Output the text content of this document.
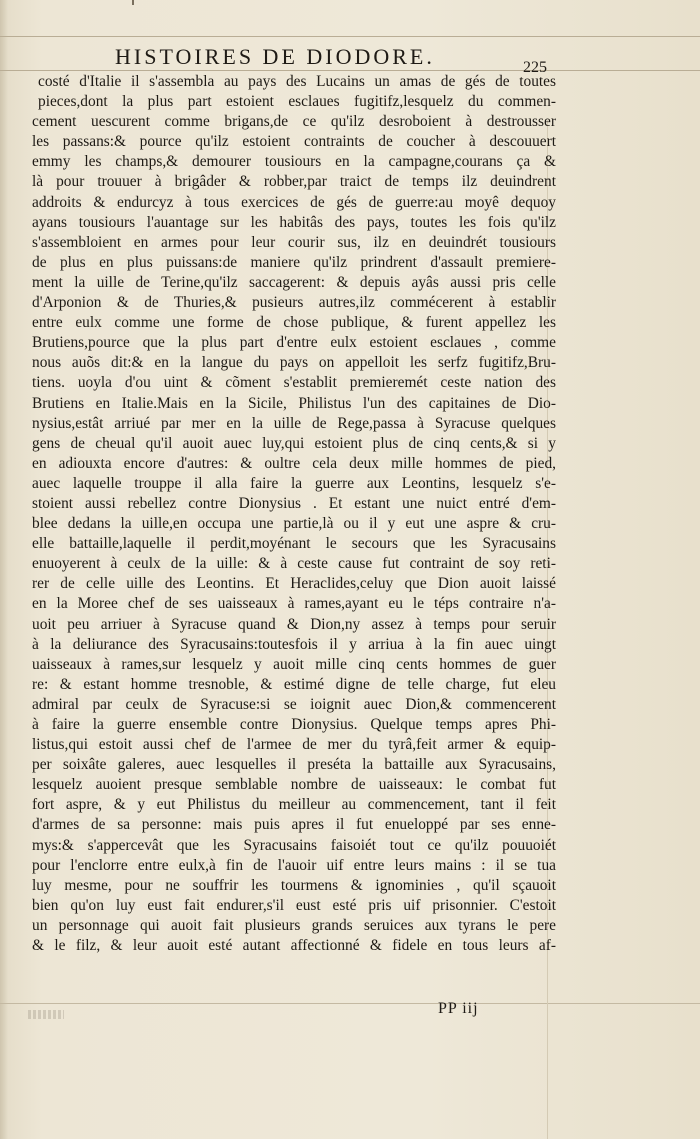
HISTOIRES DE DIODORE.	225
costé d'Italie il s'assembla au pays des Lucains un amas de gés de toutes
pieces,dont la plus part estoient esclaues fugitifz,lesquelz du commen-
cement uescurent comme brigans,de ce qu'ilz desroboient à destrousser
les passans:& pource qu'ilz estoient contraints de coucher à descouuert
emmy les champs,& demourer tousiours en la campagne,courans ça &
là pour trouuer à brigâder & robber,par traict de temps ilz deuindrent
addroits & endurcyz à tous exercices de gés de guerre:au moyê dequoy
ayans tousiours l'auantage sur les habitâs des pays, toutes les fois qu'ilz
s'assembloient en armes pour leur courir sus, ilz en deuindrét tousiours
de plus en plus puissans:de maniere qu'ilz prindrent d'assault premiere-
ment la uille de Terine,qu'ilz saccagerent: & depuis ayâs aussi pris celle
d'Arponion & de Thuries,& pusieurs autres,ilz commécerent à establir
entre eulx comme une forme de chose publique, & furent appellez les
Brutiens,pource que la plus part d'entre eulx estoient esclaues , comme
nous auõs dit:& en la langue du pays on appelloit les serfz fugitifz,Bru-
tiens. uoyla d'ou uint & cõment s'establit premieremét ceste nation des
Brutiens en Italie.Mais en la Sicile, Philistus l'un des capitaines de Dio-
nysius,estât arriué par mer en la uille de Rege,passa à Syracuse quelques
gens de cheual qu'il auoit auec luy,qui estoient plus de cinq cents,& si y
en adiouxta encore d'autres: & oultre cela deux mille hommes de pied,
auec laquelle trouppe il alla faire la guerre aux Leontins, lesquelz s'e-
stoient aussi rebellez contre Dionysius . Et estant une nuict entré d'em-
blee dedans la uille,en occupa une partie,là ou il y eut une aspre & cru-
elle battaille,laquelle il perdit,moyénant le secours que les Syracusains
enuoyerent à ceulx de la uille: & à ceste cause fut contraint de soy reti-
rer de celle uille des Leontins. Et Heraclides,celuy que Dion auoit laissé
en la Moree chef de ses uaisseaux à rames,ayant eu le téps contraire n'a-
uoit peu arriuer à Syracuse quand & Dion,ny assez à temps pour seruir
à la deliurance des Syracusains:toutesfois il y arriua à la fin auec uingt
uaisseaux à rames,sur lesquelz y auoit mille cinq cents hommes de guer
re: & estant homme tresnoble, & estimé digne de telle charge, fut eleu
admiral par ceulx de Syracuse:si se ioignit auec Dion,& commencerent
à faire la guerre ensemble contre Dionysius. Quelque temps apres Phi-
listus,qui estoit aussi chef de l'armee de mer du tyrâ,feit armer & equip-
per soixâte galeres, auec lesquelles il preséta la battaille aux Syracusains,
lesquelz auoient presque semblable nombre de uaisseaux: le combat fut
fort aspre, & y eut Philistus du meilleur au commencement, tant il feit
d'armes de sa personne: mais puis apres il fut enueloppé par ses enne-
mys:& s'appercevât que les Syracusains faisoiét tout ce qu'ilz pouuoiét
pour l'enclorre entre eulx,à fin de l'auoir uif entre leurs mains : il se tua
luy mesme, pour ne souffrir les tourmens & ignominies , qu'il sçauoit
bien qu'on luy eust fait endurer,s'il eust esté pris uif prisonnier. C'estoit
un personnage qui auoit fait plusieurs grands seruices aux tyrans le pere
& le filz, & leur auoit esté autant affectionné & fidele en tous leurs af-
PP iij
